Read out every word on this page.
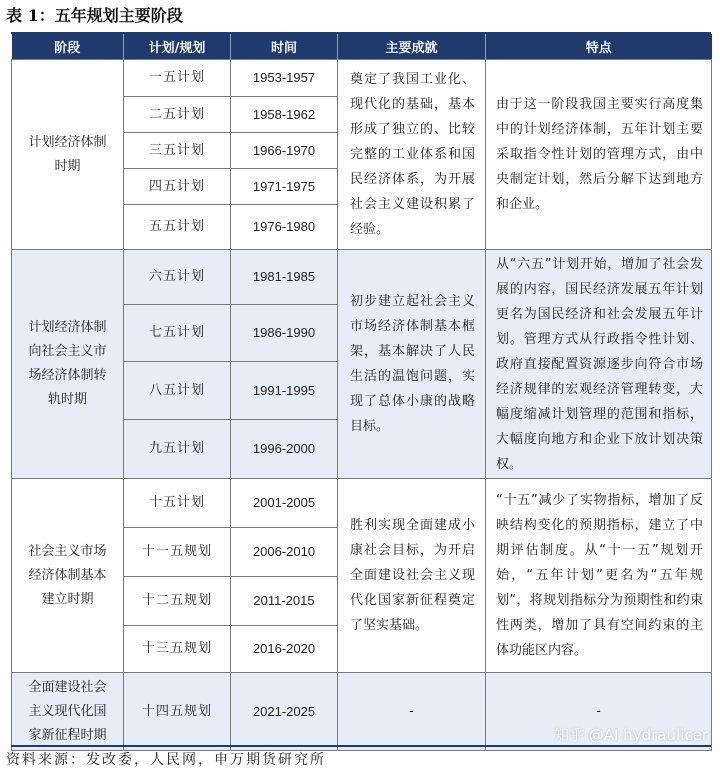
表 1：五年规划主要阶段
阶段	计划/规划	时间	主要成就	特点
计划经济体制时期	一五计划	1953-1957	奠定了我国工业化、现代化的基础，基本形成了独立的、比较完整的工业体系和国民经济体系，为开展社会主义建设积累了经验。	由于这一阶段我国主要实行高度集中的计划经济体制，五年计划主要采取指令性计划的管理方式，由中央制定计划，然后分解下达到地方和企业。
	二五计划	1958-1962		
	三五计划	1966-1970		
	四五计划	1971-1975		
	五五计划	1976-1980		
计划经济体制向社会主义市场经济体制转轨时期	六五计划	1981-1985	初步建立起社会主义市场经济体制基本框架，基本解决了人民生活的温饱问题，实现了总体小康的战略目标。	从“六五”计划开始，增加了社会发展的内容，国民经济发展五年计划更名为国民经济和社会发展五年计划。管理方式从行政指令性计划、政府直接配置资源逐步向符合市场经济规律的宏观经济管理转变，大幅度缩减计划管理的范围和指标，大幅度向地方和企业下放计划决策权。
	七五计划	1986-1990		
	八五计划	1991-1995		
	九五计划	1996-2000		
社会主义市场经济体制基本建立时期	十五计划	2001-2005	胜利实现全面建成小康社会目标，为开启全面建设社会主义现代化国家新征程奠定了坚实基础。	“十五”减少了实物指标，增加了反映结构变化的预期指标，建立了中期评估制度。从“十一五”规划开始，“五年计划”更名为“五年规划”，将规划指标分为预期性和约束性两类，增加了具有空间约束的主体功能区内容。
	十一五规划	2006-2010		
	十二五规划	2011-2015		
	十三五规划	2016-2020		
全面建设社会主义现代化国家新征程时期	十四五规划	2021-2025	-	-
资料来源：发改委，人民网，申万期货研究所
知乎 @AI hydraulicer
